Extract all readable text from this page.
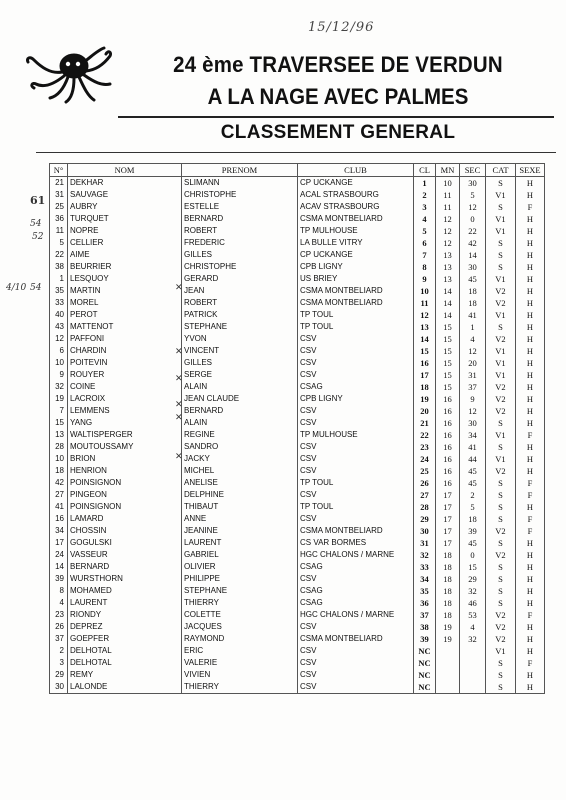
15/12/96
24 ème TRAVERSEE DE VERDUN
A LA NAGE AVEC PALMES
CLASSEMENT GENERAL
N°	NOM	PRENOM	CLUB	CL	MN	SEC	CAT	SEXE
21	DEKHAR	SLIMANN	CP UCKANGE	1	10	30	S	H
31	SAUVAGE	CHRISTOPHE	ACAL STRASBOURG	2	11	5	V1	H
25	AUBRY	ESTELLE	ACAV STRASBOURG	3	11	12	S	F
36	TURQUET	BERNARD	CSMA MONTBELIARD	4	12	0	V1	H
11	NOPRE	ROBERT	TP MULHOUSE	5	12	22	V1	H
5	CELLIER	FREDERIC	LA BULLE VITRY	6	12	42	S	H
22	AIME	GILLES	CP UCKANGE	7	13	14	S	H
38	BEURRIER	CHRISTOPHE	CPB LIGNY	8	13	30	S	H
1	LESQUOY	GERARD	US BRIEY	9	13	45	V1	H
35	MARTIN	JEAN	CSMA MONTBELIARD	10	14	18	V2	H
33	MOREL	ROBERT	CSMA MONTBELIARD	11	14	18	V2	H
40	PEROT	PATRICK	TP TOUL	12	14	41	V1	H
43	MATTENOT	STEPHANE	TP TOUL	13	15	1	S	H
12	PAFFONI	YVON	CSV	14	15	4	V2	H
6	CHARDIN	VINCENT	CSV	15	15	12	V1	H
10	POITEVIN	GILLES	CSV	16	15	20	V1	H
9	ROUYER	SERGE	CSV	17	15	31	V1	H
32	COINE	ALAIN	CSAG	18	15	37	V2	H
19	LACROIX	JEAN CLAUDE	CPB LIGNY	19	16	9	V2	H
7	LEMMENS	BERNARD	CSV	20	16	12	V2	H
15	YANG	ALAIN	CSV	21	16	30	S	H
13	WALTISPERGER	REGINE	TP MULHOUSE	22	16	34	V1	F
28	MOUTOUSSAMY	SANDRO	CSV	23	16	41	S	H
10	BRION	JACKY	CSV	24	16	44	V1	H
18	HENRION	MICHEL	CSV	25	16	45	V2	H
42	POINSIGNON	ANELISE	TP TOUL	26	16	45	S	F
27	PINGEON	DELPHINE	CSV	27	17	2	S	F
41	POINSIGNON	THIBAUT	TP TOUL	28	17	5	S	H
16	LAMARD	ANNE	CSV	29	17	18	S	F
34	CHOSSIN	JEANINE	CSMA MONTBELIARD	30	17	39	V2	F
17	GOGULSKI	LAURENT	CS VAR BORMES	31	17	45	S	H
24	VASSEUR	GABRIEL	HGC CHALONS / MARNE	32	18	0	V2	H
14	BERNARD	OLIVIER	CSAG	33	18	15	S	H
39	WURSTHORN	PHILIPPE	CSV	34	18	29	S	H
8	MOHAMED	STEPHANE	CSAG	35	18	32	S	H
4	LAURENT	THIERRY	CSAG	36	18	46	S	H
23	RIONDY	COLETTE	HGC CHALONS / MARNE	37	18	53	V2	F
26	DEPREZ	JACQUES	CSV	38	19	4	V2	H
37	GOEPFER	RAYMOND	CSMA MONTBELIARD	39	19	32	V2	H
2	DELHOTAL	ERIC	CSV	NC			V1	H
3	DELHOTAL	VALERIE	CSV	NC			S	F
29	REMY	VIVIEN	CSV	NC			S	H
30	LALONDE	THIERRY	CSV	NC			S	H
61
54
52
4/10 54	✕
✕
✕
✕
✕
✕
